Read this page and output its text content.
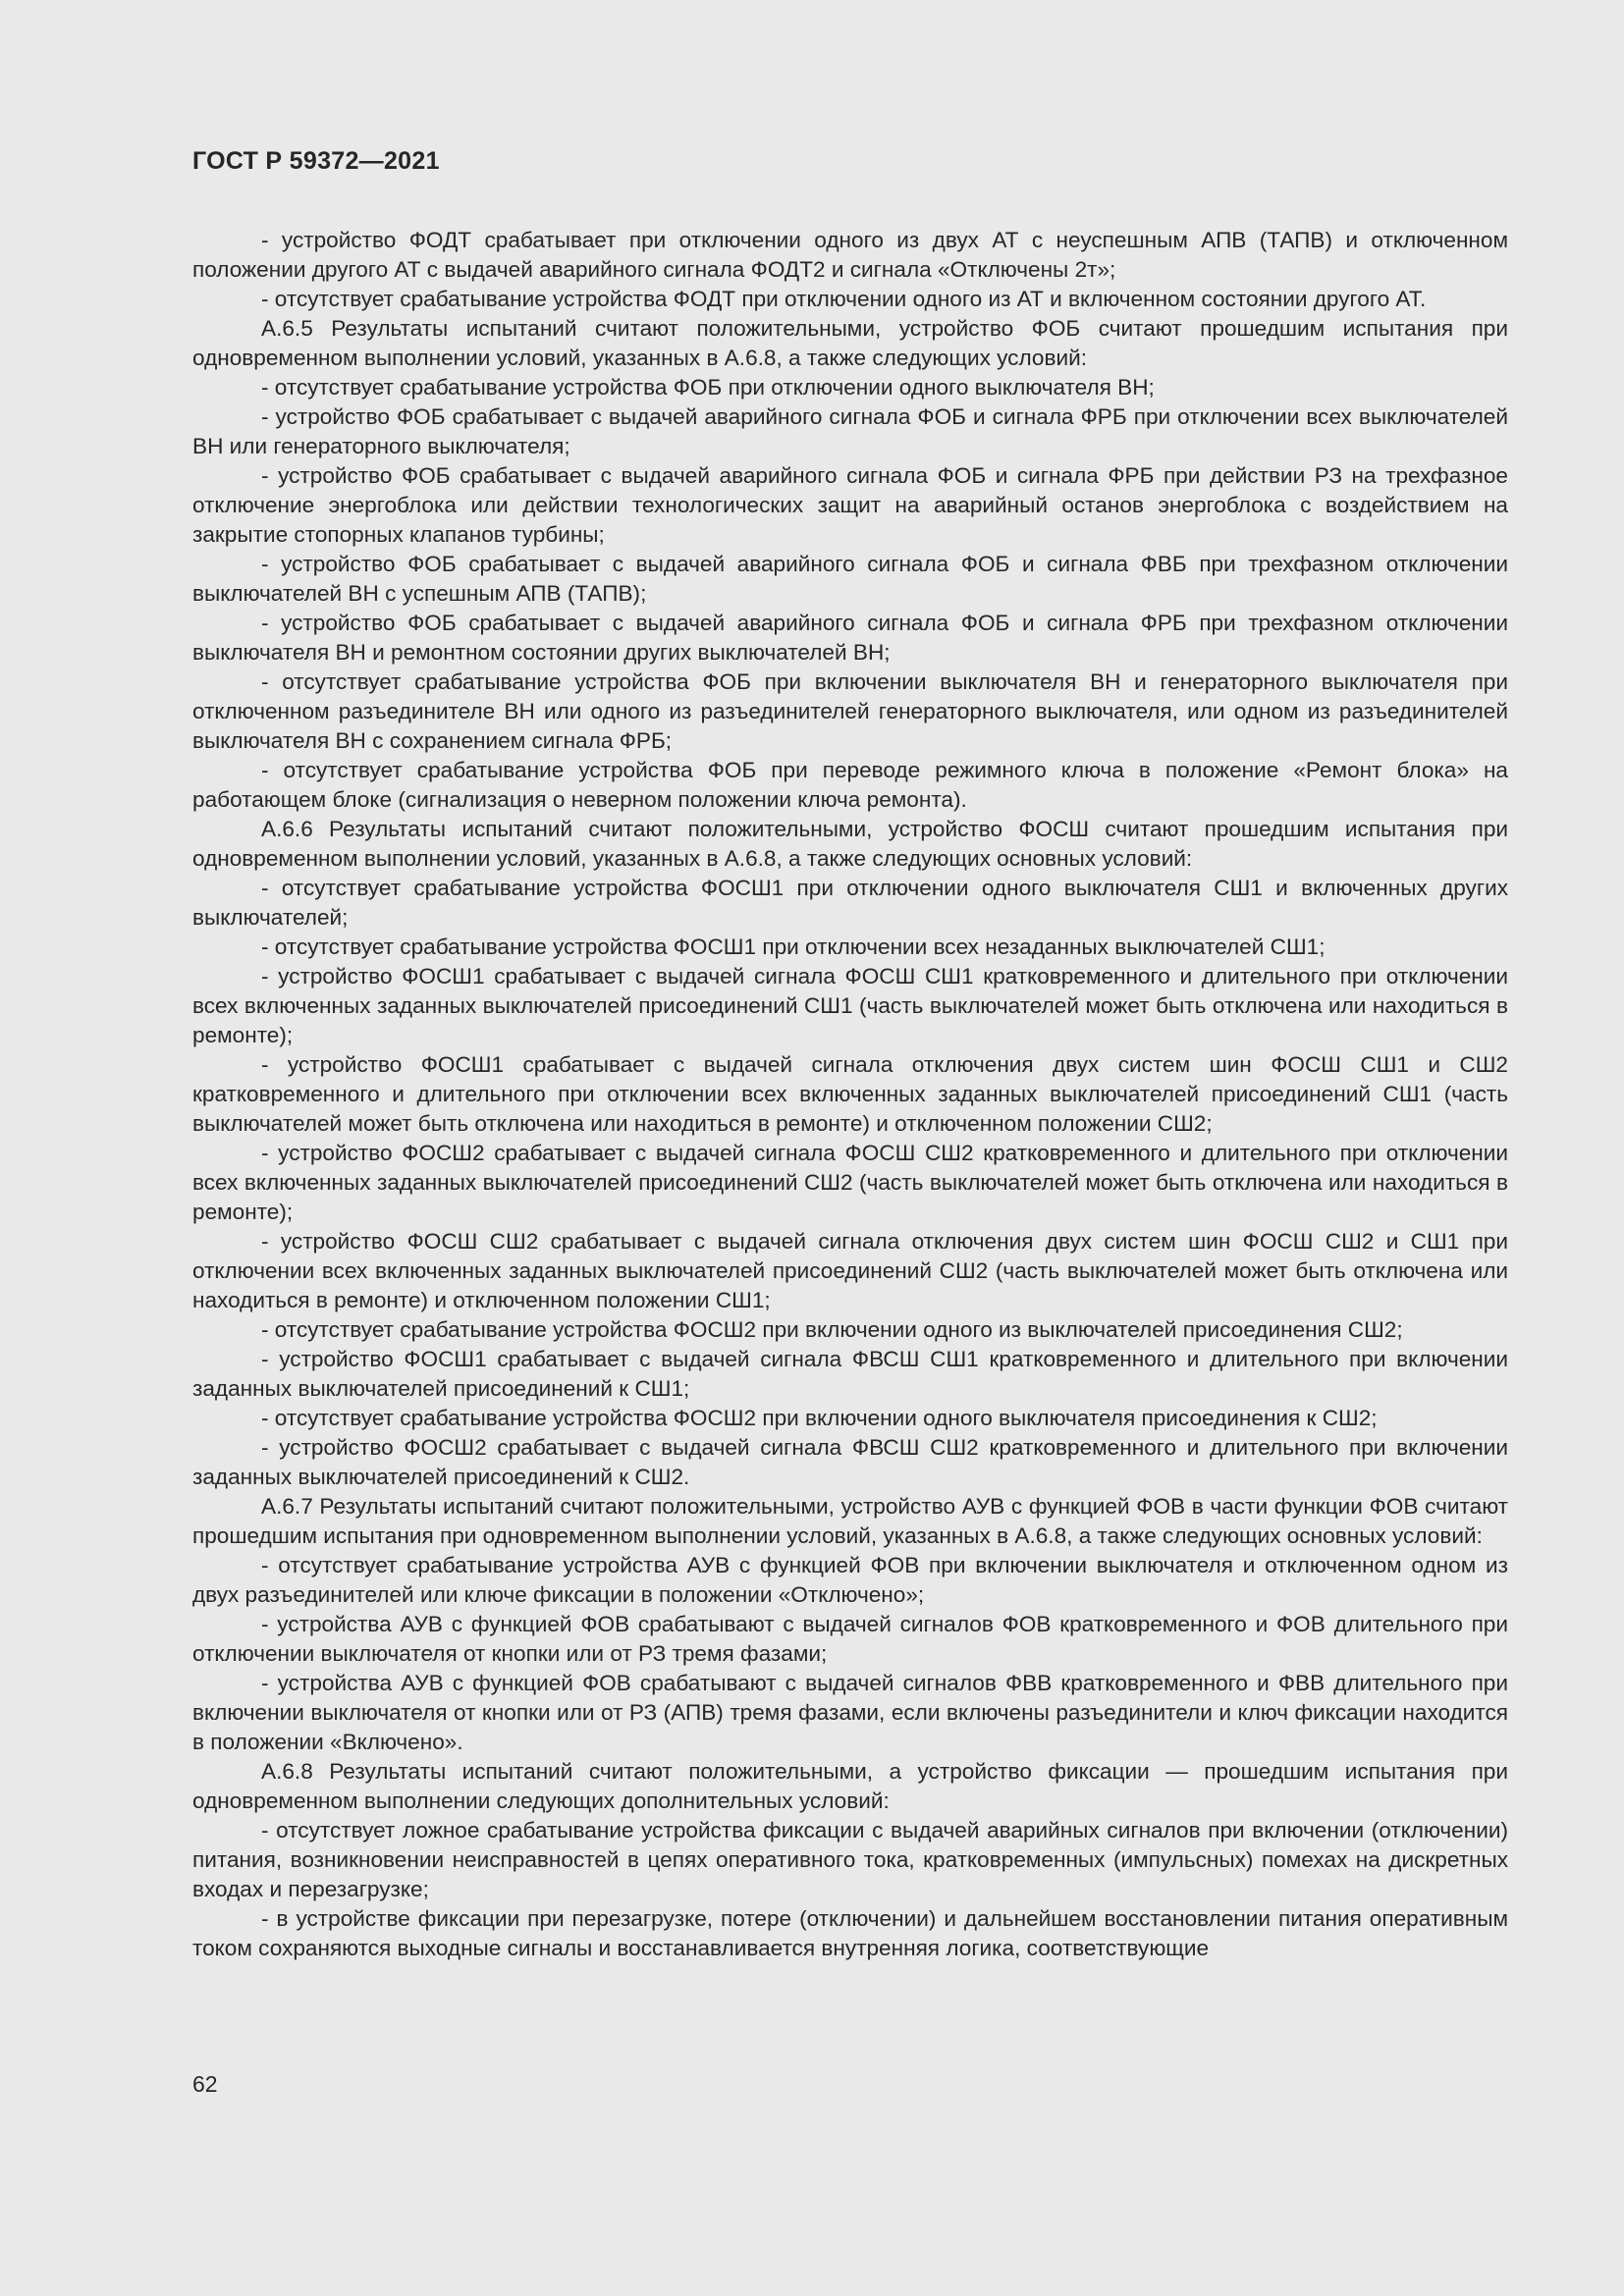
ГОСТ Р 59372—2021

- устройство ФОДТ срабатывает при отключении одного из двух АТ с неуспешным АПВ (ТАПВ) и отключенном положении другого АТ с выдачей аварийного сигнала ФОДТ2 и сигнала «Отключены 2т»;

- отсутствует срабатывание устройства ФОДТ при отключении одного из АТ и включенном состоянии другого АТ.

А.6.5 Результаты испытаний считают положительными, устройство ФОБ считают прошедшим испытания при одновременном выполнении условий, указанных в А.6.8, а также следующих условий:

- отсутствует срабатывание устройства ФОБ при отключении одного выключателя ВН;

- устройство ФОБ срабатывает с выдачей аварийного сигнала ФОБ и сигнала ФРБ при отключении всех выключателей ВН или генераторного выключателя;

- устройство ФОБ срабатывает с выдачей аварийного сигнала ФОБ и сигнала ФРБ при действии РЗ на трехфазное отключение энергоблока или действии технологических защит на аварийный останов энергоблока с воздействием на закрытие стопорных клапанов турбины;

- устройство ФОБ срабатывает с выдачей аварийного сигнала ФОБ и сигнала ФВБ при трехфазном отключении выключателей ВН с успешным АПВ (ТАПВ);

- устройство ФОБ срабатывает с выдачей аварийного сигнала ФОБ и сигнала ФРБ при трехфазном отключении выключателя ВН и ремонтном состоянии других выключателей ВН;

- отсутствует срабатывание устройства ФОБ при включении выключателя ВН и генераторного выключателя при отключенном разъединителе ВН или одного из разъединителей генераторного выключателя, или одном из разъединителей выключателя ВН с сохранением сигнала ФРБ;

- отсутствует срабатывание устройства ФОБ при переводе режимного ключа в положение «Ремонт блока» на работающем блоке (сигнализация о неверном положении ключа ремонта).

А.6.6 Результаты испытаний считают положительными, устройство ФОСШ считают прошедшим испытания при одновременном выполнении условий, указанных в А.6.8, а также следующих основных условий:

- отсутствует срабатывание устройства ФОСШ1 при отключении одного выключателя СШ1 и включенных других выключателей;

- отсутствует срабатывание устройства ФОСШ1 при отключении всех незаданных выключателей СШ1;

- устройство ФОСШ1 срабатывает с выдачей сигнала ФОСШ СШ1 кратковременного и длительного при отключении всех включенных заданных выключателей присоединений СШ1 (часть выключателей может быть отключена или находиться в ремонте);

- устройство ФОСШ1 срабатывает с выдачей сигнала отключения двух систем шин ФОСШ СШ1 и СШ2 кратковременного и длительного при отключении всех включенных заданных выключателей присоединений СШ1 (часть выключателей может быть отключена или находиться в ремонте) и отключенном положении СШ2;

- устройство ФОСШ2 срабатывает с выдачей сигнала ФОСШ СШ2 кратковременного и длительного при отключении всех включенных заданных выключателей присоединений СШ2 (часть выключателей может быть отключена или находиться в ремонте);

- устройство ФОСШ СШ2 срабатывает с выдачей сигнала отключения двух систем шин ФОСШ СШ2 и СШ1 при отключении всех включенных заданных выключателей присоединений СШ2 (часть выключателей может быть отключена или находиться в ремонте) и отключенном положении СШ1;

- отсутствует срабатывание устройства ФОСШ2 при включении одного из выключателей присоединения СШ2;

- устройство ФОСШ1 срабатывает с выдачей сигнала ФВСШ СШ1 кратковременного и длительного при включении заданных выключателей присоединений к СШ1;

- отсутствует срабатывание устройства ФОСШ2 при включении одного выключателя присоединения к СШ2;

- устройство ФОСШ2 срабатывает с выдачей сигнала ФВСШ СШ2 кратковременного и длительного при включении заданных выключателей присоединений к СШ2.

А.6.7 Результаты испытаний считают положительными, устройство АУВ с функцией ФОВ в части функции ФОВ считают прошедшим испытания при одновременном выполнении условий, указанных в А.6.8, а также следующих основных условий:

- отсутствует срабатывание устройства АУВ с функцией ФОВ при включении выключателя и отключенном одном из двух разъединителей или ключе фиксации в положении «Отключено»;

- устройства АУВ с функцией ФОВ срабатывают с выдачей сигналов ФОВ кратковременного и ФОВ длительного при отключении выключателя от кнопки или от РЗ тремя фазами;

- устройства АУВ с функцией ФОВ срабатывают с выдачей сигналов ФВВ кратковременного и ФВВ длительного при включении выключателя от кнопки или от РЗ (АПВ) тремя фазами, если включены разъединители и ключ фиксации находится в положении «Включено».

А.6.8 Результаты испытаний считают положительными, а устройство фиксации — прошедшим испытания при одновременном выполнении следующих дополнительных условий:

- отсутствует ложное срабатывание устройства фиксации с выдачей аварийных сигналов при включении (отключении) питания, возникновении неисправностей в цепях оперативного тока, кратковременных (импульсных) помехах на дискретных входах и перезагрузке;

- в устройстве фиксации при перезагрузке, потере (отключении) и дальнейшем восстановлении питания оперативным током сохраняются выходные сигналы и восстанавливается внутренняя логика, соответствующие

62
